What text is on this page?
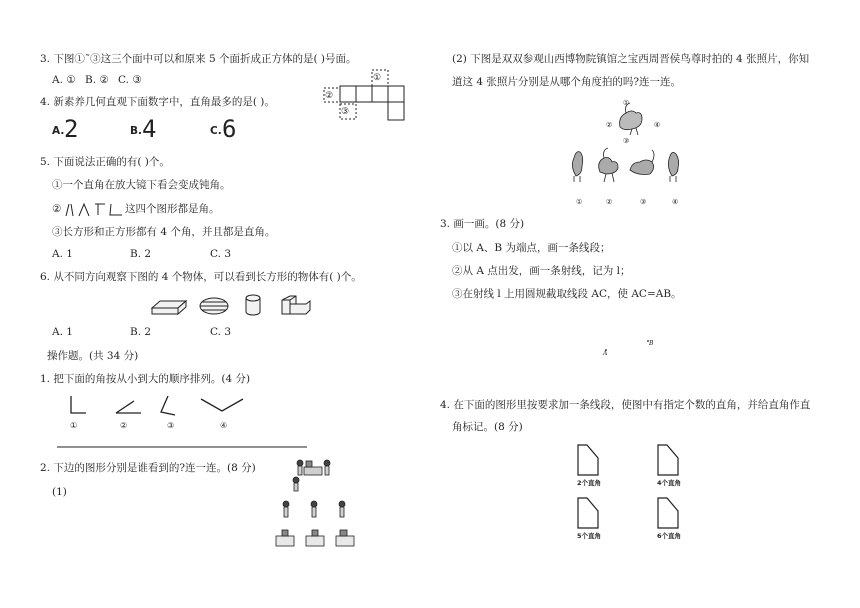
3. 下图①˜③这三个面中可以和原来 5 个面折成正方体的是( )号面。
A. ① B. ② C. ③	①
②
③
4. 新素养几何直观下面数字中，直角最多的是( )。
A. 2	B. 4	C. 6
5. 下面说法正确的有( )个。
①一个直角在放大镜下看会变成钝角。
②	这四个图形都是角。
③长方形和正方形都有 4 个角，并且都是直角。
A. 1	B. 2	C. 3
6. 从不同方向观察下图的 4 个物体，可以看到长方形的物体有( )个。
A. 1	B. 2	C. 3
操作题。(共 34 分)
1. 把下面的角按从小到大的顺序排列。(4 分)
①	②	③	④
2. 下边的图形分别是谁看到的?连一连。(8 分)
(1)
(2) 下图是双双参观山西博物院镇馆之宝西周晋侯鸟尊时拍的 4 张照片，你知
道这 4 张照片分别是从哪个角度拍的吗?连一连。
①
②
③
④
①	②	③	④
3. 画一画。(8 分)
①以 A、B 为端点，画一条线段；
②从 A 点出发，画一条射线，记为 l；
③在射线 l 上用圆规截取线段 AC，使 AC=AB。
A
B
4. 在下面的图形里按要求加一条线段，使图中有指定个数的直角，并给直角作直
角标记。(8 分)
2个直角	4个直角
5个直角	6个直角
